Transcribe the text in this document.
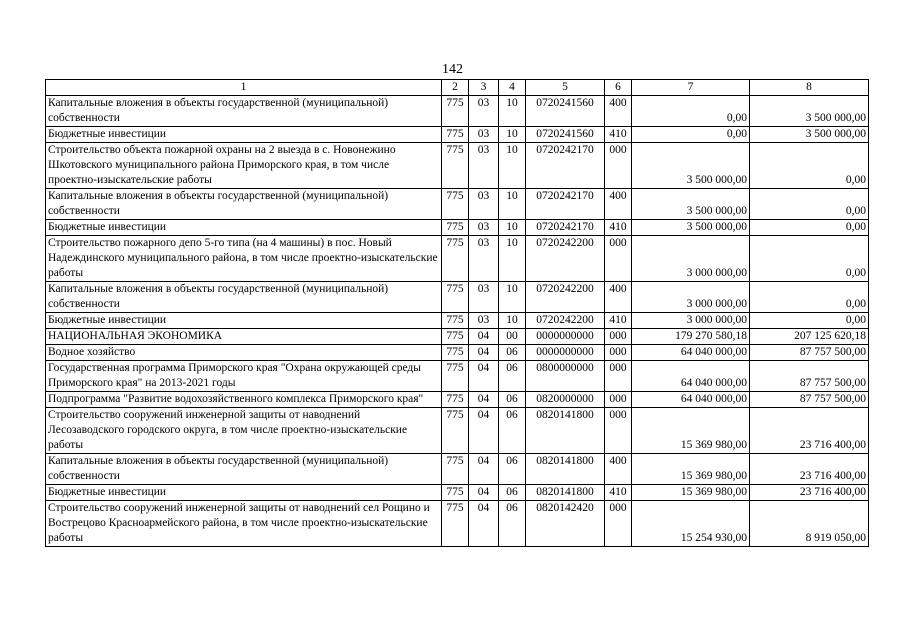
142
1	2	3	4	5	6	7	8
Капитальные вложения в объекты государственной (муниципальной) собственности	775	03	10	0720241560	400	0,00	3 500 000,00
Бюджетные инвестиции	775	03	10	0720241560	410	0,00	3 500 000,00
Строительство объекта пожарной охраны на 2 выезда в с. Новонежино Шкотовского муниципального района Приморского края, в том числе проектно-изыскательские работы	775	03	10	0720242170	000	3 500 000,00	0,00
Капитальные вложения в объекты государственной (муниципальной) собственности	775	03	10	0720242170	400	3 500 000,00	0,00
Бюджетные инвестиции	775	03	10	0720242170	410	3 500 000,00	0,00
Строительство пожарного депо 5-го типа (на 4 машины) в пос. Новый Надеждинского муниципального района, в том числе проектно-изыскательские работы	775	03	10	0720242200	000	3 000 000,00	0,00
Капитальные вложения в объекты государственной (муниципальной) собственности	775	03	10	0720242200	400	3 000 000,00	0,00
Бюджетные инвестиции	775	03	10	0720242200	410	3 000 000,00	0,00
НАЦИОНАЛЬНАЯ ЭКОНОМИКА	775	04	00	0000000000	000	179 270 580,18	207 125 620,18
Водное хозяйство	775	04	06	0000000000	000	64 040 000,00	87 757 500,00
Государственная программа Приморского края "Охрана окружающей среды Приморского края" на 2013-2021 годы	775	04	06	0800000000	000	64 040 000,00	87 757 500,00
Подпрограмма "Развитие водохозяйственного комплекса Приморского края"	775	04	06	0820000000	000	64 040 000,00	87 757 500,00
Строительство сооружений инженерной защиты от наводнений Лесозаводского городского округа, в том числе проектно-изыскательские работы	775	04	06	0820141800	000	15 369 980,00	23 716 400,00
Капитальные вложения в объекты государственной (муниципальной) собственности	775	04	06	0820141800	400	15 369 980,00	23 716 400,00
Бюджетные инвестиции	775	04	06	0820141800	410	15 369 980,00	23 716 400,00
Строительство сооружений инженерной защиты от наводнений сел Рощино и Вострецово Красноармейского района, в том числе проектно-изыскательские работы	775	04	06	0820142420	000	15 254 930,00	8 919 050,00
